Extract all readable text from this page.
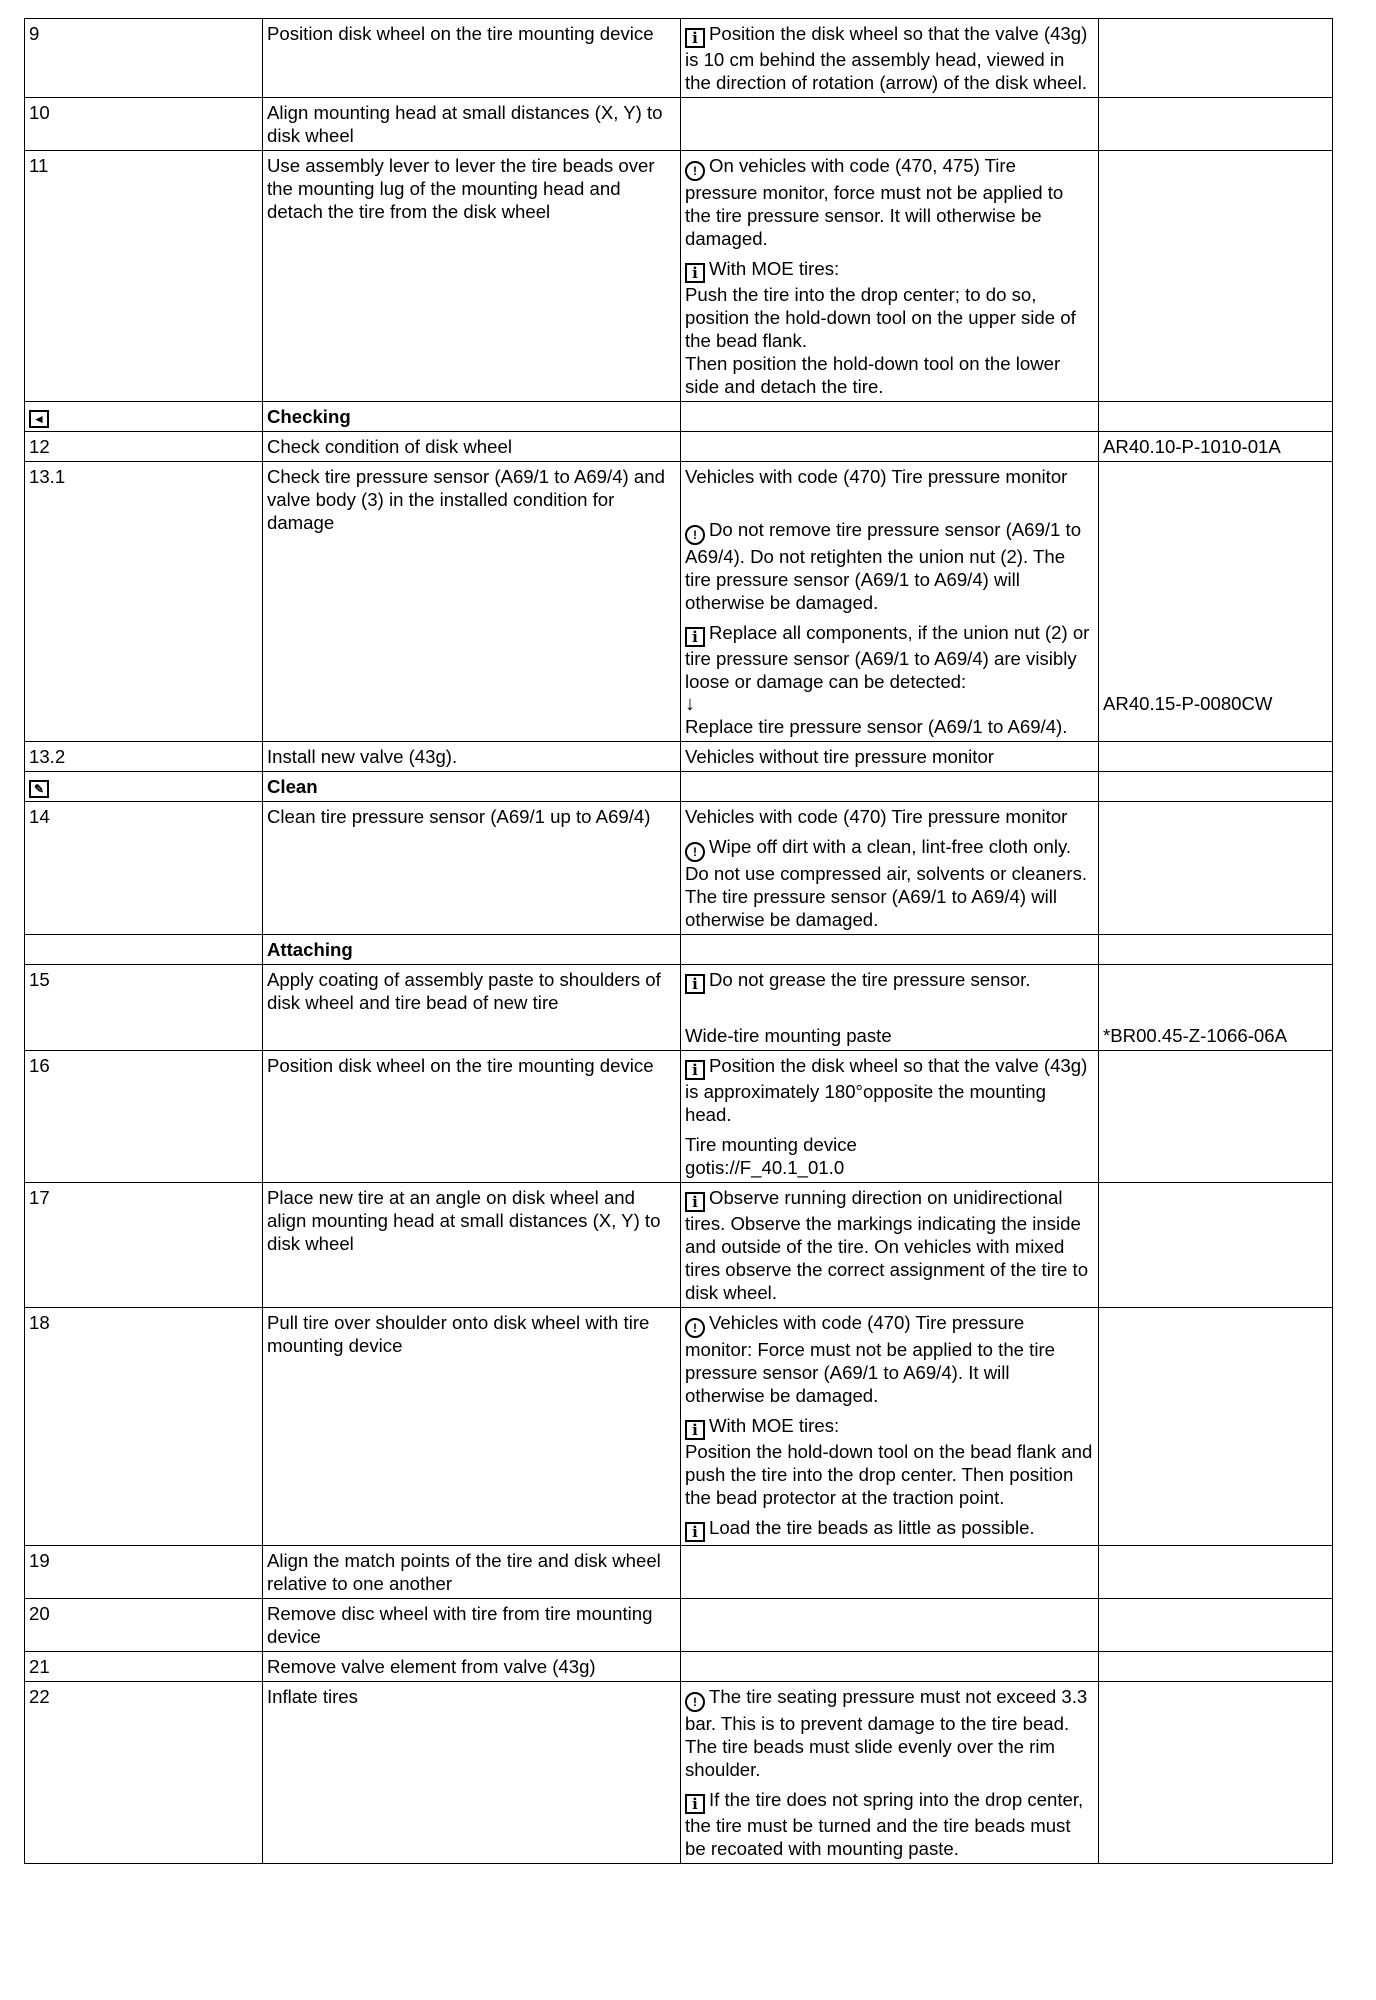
9	Position disk wheel on the tire mounting device	i Position the disk wheel so that the valve (43g) is 10 cm behind the assembly head, viewed in the direction of rotation (arrow) of the disk wheel.	
10	Align mounting head at small distances (X, Y) to disk wheel		
11	Use assembly lever to lever the tire beads over the mounting lug of the mounting head and detach the tire from the disk wheel	! On vehicles with code (470, 475) Tire pressure monitor, force must not be applied to the tire pressure sensor. It will otherwise be damaged.
i With MOE tires:
Push the tire into the drop center; to do so, position the hold-down tool on the upper side of the bead flank.
Then position the hold-down tool on the lower side and detach the tire.	

◄	Checking		
12	Check condition of disk wheel		AR40.10-P-1010-01A
13.1	Check tire pressure sensor (A69/1 to A69/4) and valve body (3) in the installed condition for damage	Vehicles with code (470) Tire pressure monitor
! Do not remove tire pressure sensor (A69/1 to A69/4). Do not retighten the union nut (2). The tire pressure sensor (A69/1 to A69/4) will otherwise be damaged.
i Replace all components, if the union nut (2) or tire pressure sensor (A69/1 to A69/4) are visibly loose or damage can be detected:
↓
Replace tire pressure sensor (A69/1 to A69/4).	AR40.15-P-0080CW
13.2	Install new valve (43g).	Vehicles without tire pressure monitor	
✎	Clean		
14	Clean tire pressure sensor (A69/1 up to A69/4)	Vehicles with code (470) Tire pressure monitor
! Wipe off dirt with a clean, lint-free cloth only. Do not use compressed air, solvents or cleaners. The tire pressure sensor (A69/1 to A69/4) will otherwise be damaged.	

	Attaching		
15	Apply coating of assembly paste to shoulders of disk wheel and tire bead of new tire	i Do not grease the tire pressure sensor.
Wide-tire mounting paste	*BR00.45-Z-1066-06A
16	Position disk wheel on the tire mounting device	i Position the disk wheel so that the valve (43g) is approximately 180°opposite the mounting head.
Tire mounting device
gotis://F_40.1_01.0	

17	Place new tire at an angle on disk wheel and align mounting head at small distances (X, Y) to disk wheel	i Observe running direction on unidirectional tires. Observe the markings indicating the inside and outside of the tire. On vehicles with mixed tires observe the correct assignment of the tire to disk wheel.	

18	Pull tire over shoulder onto disk wheel with tire mounting device	! Vehicles with code (470) Tire pressure monitor: Force must not be applied to the tire pressure sensor (A69/1 to A69/4). It will otherwise be damaged.
i With MOE tires:
Position the hold-down tool on the bead flank and push the tire into the drop center. Then position the bead protector at the traction point.
i Load the tire beads as little as possible.	

19	Align the match points of the tire and disk wheel relative to one another		
20	Remove disc wheel with tire from tire mounting device		
21	Remove valve element from valve (43g)		
22	Inflate tires	! The tire seating pressure must not exceed 3.3 bar. This is to prevent damage to the tire bead. The tire beads must slide evenly over the rim shoulder.
i If the tire does not spring into the drop center, the tire must be turned and the tire beads must be recoated with mounting paste.	
